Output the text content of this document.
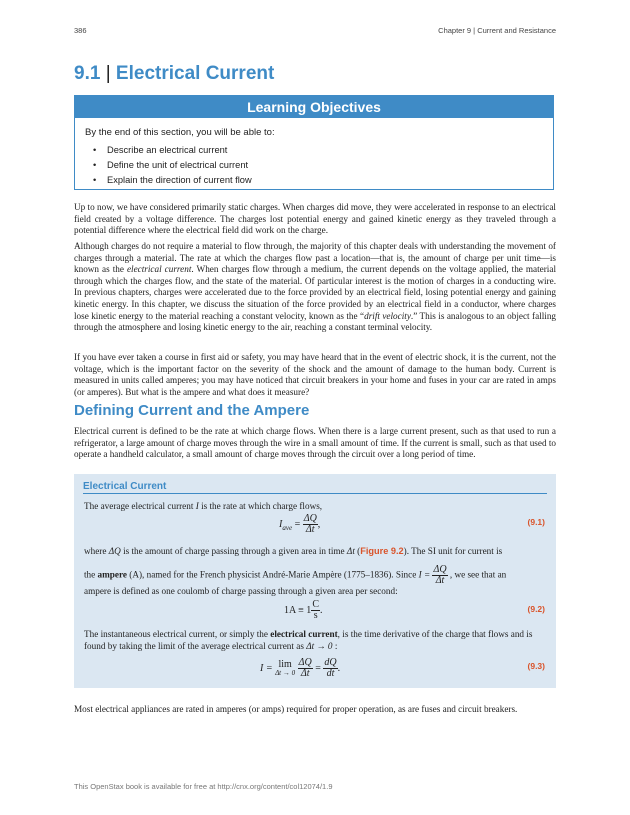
386	Chapter 9 | Current and Resistance
9.1 | Electrical Current
Learning Objectives
By the end of this section, you will be able to:
• Describe an electrical current
• Define the unit of electrical current
• Explain the direction of current flow

Up to now, we have considered primarily static charges. When charges did move, they were accelerated in response to an electrical field created by a voltage difference. The charges lost potential energy and gained kinetic energy as they traveled through a potential difference where the electrical field did work on the charge.

Although charges do not require a material to flow through, the majority of this chapter deals with understanding the movement of charges through a material. The rate at which the charges flow past a location—that is, the amount of charge per unit time—is known as the electrical current. When charges flow through a medium, the current depends on the voltage applied, the material through which the charges flow, and the state of the material. Of particular interest is the motion of charges in a conducting wire. In previous chapters, charges were accelerated due to the force provided by an electrical field, losing potential energy and gaining kinetic energy. In this chapter, we discuss the situation of the force provided by an electrical field in a conductor, where charges lose kinetic energy to the material reaching a constant velocity, known as the “drift velocity.” This is analogous to an object falling through the atmosphere and losing kinetic energy to the air, reaching a constant terminal velocity.

If you have ever taken a course in first aid or safety, you may have heard that in the event of electric shock, it is the current, not the voltage, which is the important factor on the severity of the shock and the amount of damage to the human body. Current is measured in units called amperes; you may have noticed that circuit breakers in your home and fuses in your car are rated in amps (or amperes). But what is the ampere and what does it measure?

Defining Current and the Ampere

Electrical current is defined to be the rate at which charge flows. When there is a large current present, such as that used to run a refrigerator, a large amount of charge moves through the wire in a small amount of time. If the current is small, such as that used to operate a handheld calculator, a small amount of charge moves through the circuit over a long period of time.

Electrical Current

The average electrical current I is the rate at which charge flows,

$I_{ave} = \frac{\Delta Q}{\Delta t}$ ,	(9.1)

where ΔQ is the amount of charge passing through a given area in time Δt (Figure 9.2). The SI unit for current is

the ampere (A), named for the French physicist André-Marie Ampère (1775–1836). Since $I = \frac{\Delta Q}{\Delta t}$ , we see that an

ampere is defined as one coulomb of charge passing through a given area per second:

$1A \equiv 1 \frac{C}{s}$ .	(9.2)

The instantaneous electrical current, or simply the electrical current, is the time derivative of the charge that flows and is found by taking the limit of the average electrical current as Δt → 0 :

I = lim
Δt → 0
$\frac{\Delta Q}{\Delta t} = \frac{dQ}{dt}$ .	(9.3)

Most electrical appliances are rated in amperes (or amps) required for proper operation, as are fuses and circuit breakers.

This OpenStax book is available for free at http://cnx.org/content/col12074/1.9
